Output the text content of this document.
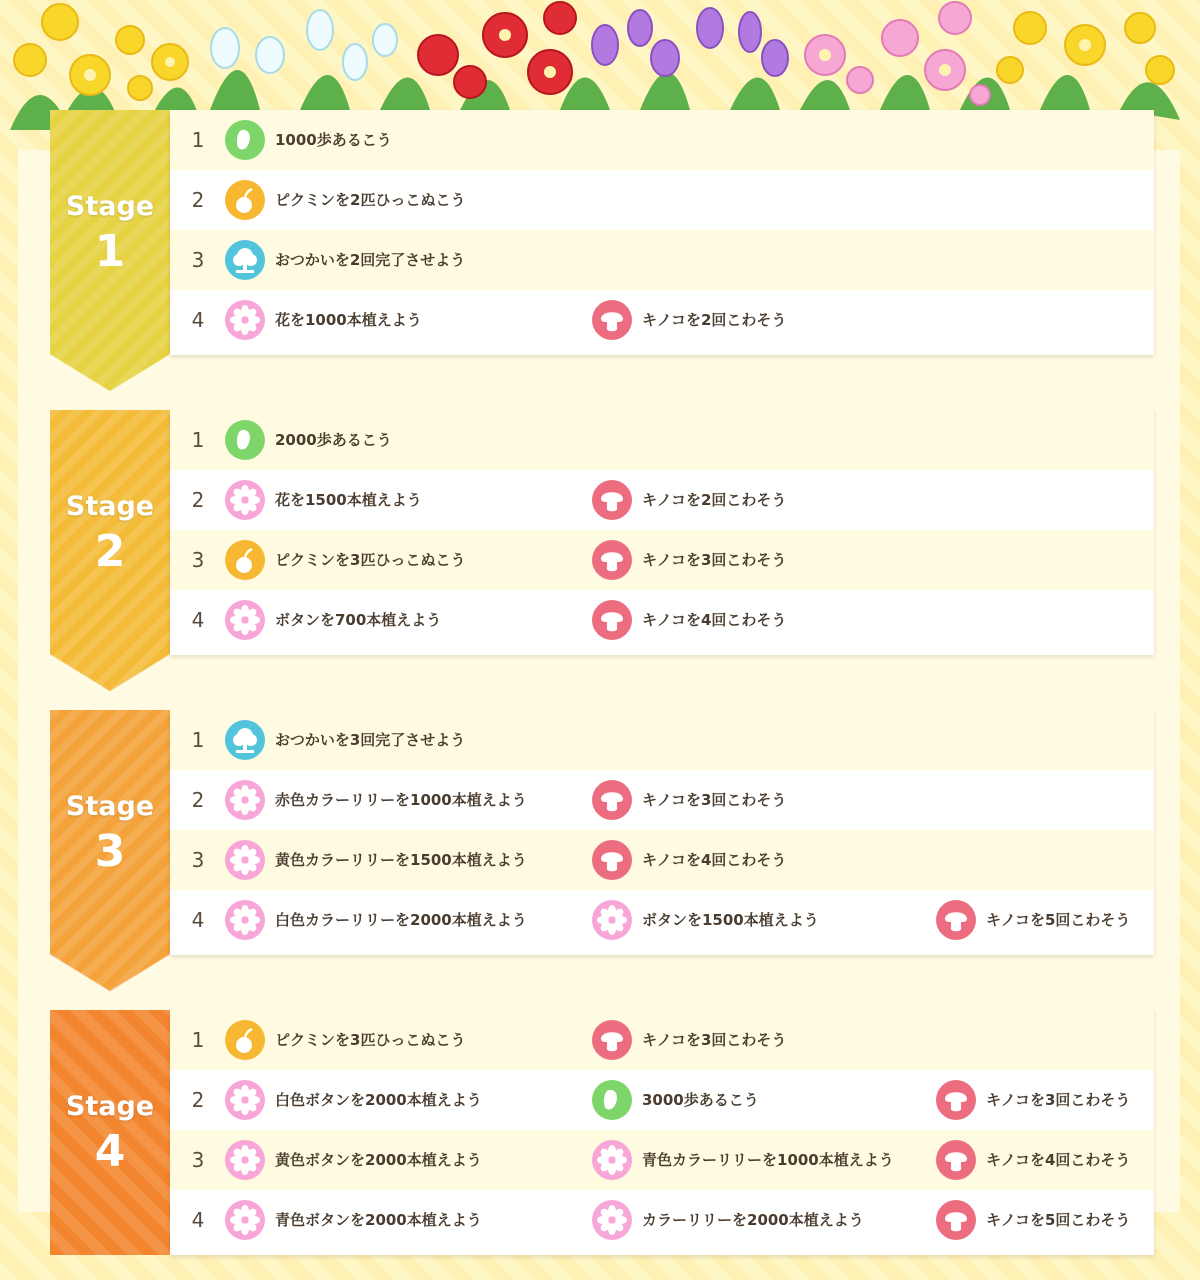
Stage
1
1	1000歩あるこう
2	ピクミンを2匹ひっこぬこう
3	おつかいを2回完了させよう
4	花を1000本植えよう	キノコを2回こわそう
Stage
2
1	2000歩あるこう
2	花を1500本植えよう	キノコを2回こわそう
3	ピクミンを3匹ひっこぬこう	キノコを3回こわそう
4	ボタンを700本植えよう	キノコを4回こわそう
Stage
3
1	おつかいを3回完了させよう
2	赤色カラーリリーを1000本植えよう	キノコを3回こわそう
3	黄色カラーリリーを1500本植えよう	キノコを4回こわそう
4	白色カラーリリーを2000本植えよう	ボタンを1500本植えよう	キノコを5回こわそう
Stage
4
1	ピクミンを3匹ひっこぬこう	キノコを3回こわそう
2	白色ボタンを2000本植えよう	3000歩あるこう	キノコを3回こわそう
3	黄色ボタンを2000本植えよう	青色カラーリリーを1000本植えよう	キノコを4回こわそう
4	青色ボタンを2000本植えよう	カラーリリーを2000本植えよう	キノコを5回こわそう
